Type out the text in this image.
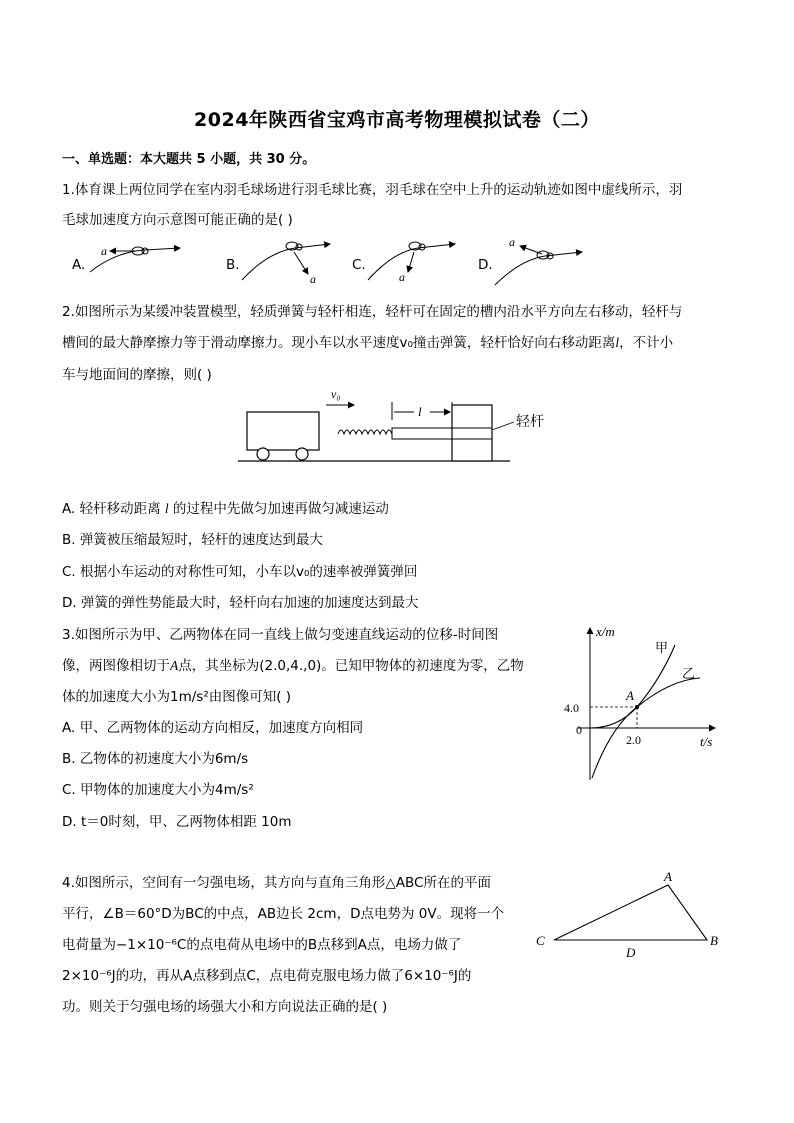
2024年陕西省宝鸡市高考物理模拟试卷（二）
一、单选题：本大题共 5 小题，共 30 分。
1.体育课上两位同学在室内羽毛球场进行羽毛球比赛，羽毛球在空中上升的运动轨迹如图中虚线所示，羽
毛球加速度方向示意图可能正确的是( )
A.	B.	C.	D.
a
a	a
a
2.如图所示为某缓冲装置模型，轻质弹簧与轻杆相连，轻杆可在固定的槽内沿水平方向左右移动，轻杆与
槽间的最大静摩擦力等于滑动摩擦力。现小车以水平速度v₀撞击弹簧，轻杆恰好向右移动距离l，不计小
车与地面间的摩擦，则( )
v₀
l
轻杆
A. 轻杆移动距离 l 的过程中先做匀加速再做匀减速运动
B. 弹簧被压缩最短时，轻杆的速度达到最大
C. 根据小车运动的对称性可知，小车以v₀的速率被弹簧弹回
D. 弹簧的弹性势能最大时，轻杆向右加速的加速度达到最大
3.如图所示为甲、乙两物体在同一直线上做匀变速直线运动的位移-时间图
像，两图像相切于A点，其坐标为(2.0,4.,0)。已知甲物体的初速度为零，乙物
体的加速度大小为1m/s²由图像可知( )
A. 甲、乙两物体的运动方向相反，加速度方向相同
B. 乙物体的初速度大小为6m/s
C. 甲物体的加速度大小为4m/s²
D. t＝0时刻，甲、乙两物体相距 10m
x/m
t/s
0
4.0
2.0
A
甲
乙
4.如图所示，空间有一匀强电场，其方向与直角三角形△ABC所在的平面
平行，∠B＝60°D为BC的中点，AB边长 2cm，D点电势为 0V。现将一个
电荷量为−1×10⁻⁶C的点电荷从电场中的B点移到A点，电场力做了
2×10⁻⁶J的功，再从A点移到点C，点电荷克服电场力做了6×10⁻⁶J的
功。则关于匀强电场的场强大小和方向说法正确的是( )
A
B
C
D
